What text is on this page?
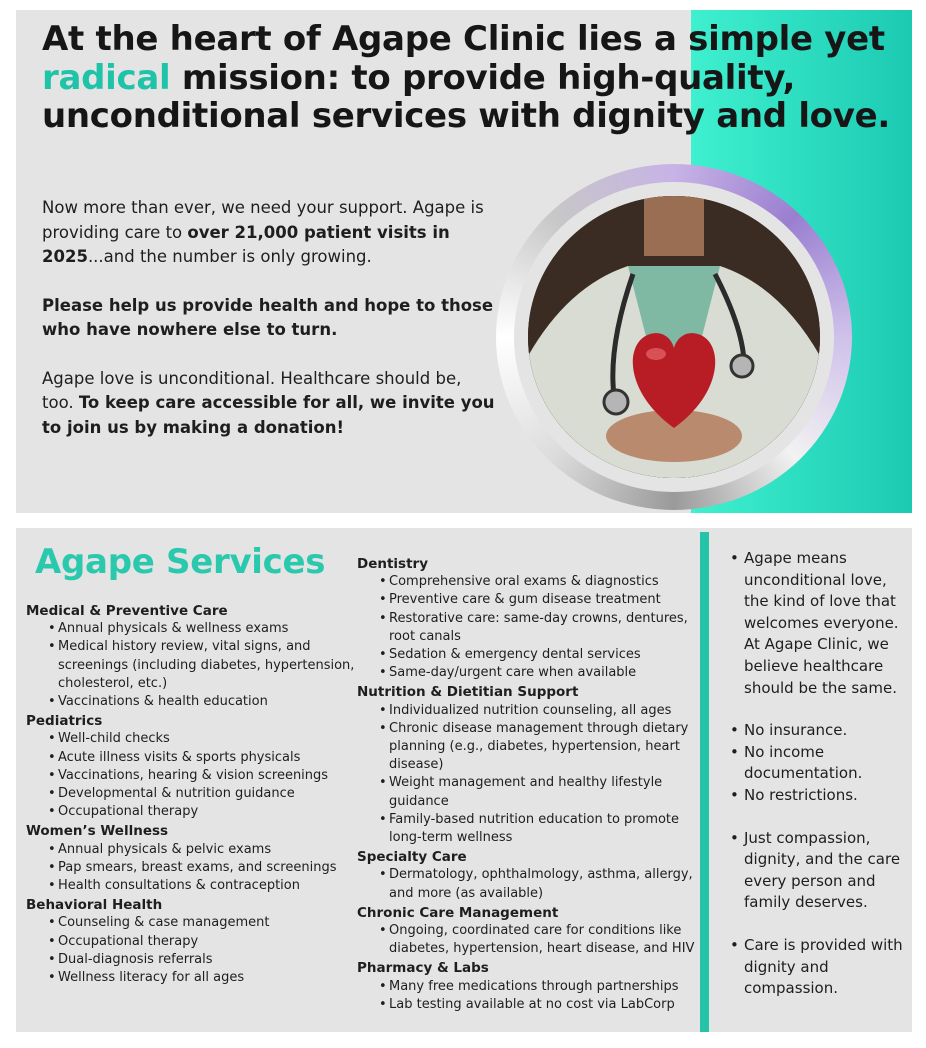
At the heart of Agape Clinic lies a simple yet radical mission: to provide high-quality, unconditional services with dignity and love.

Now more than ever, we need your support. Agape is providing care to over 21,000 patient visits in 2025...and the number is only growing.

Please help us provide health and hope to those who have nowhere else to turn.

Agape love is unconditional. Healthcare should be, too. To keep care accessible for all, we invite you to join us by making a donation!

Agape Services

Medical & Preventive Care

• Annual physicals & wellness exams
• Medical history review, vital signs, and screenings (including diabetes, hypertension, cholesterol, etc.)
• Vaccinations & health education

Pediatrics

• Well-child checks
• Acute illness visits & sports physicals
• Vaccinations, hearing & vision screenings
• Developmental & nutrition guidance
• Occupational therapy

Women’s Wellness

• Annual physicals & pelvic exams
• Pap smears, breast exams, and screenings
• Health consultations & contraception

Behavioral Health

• Counseling & case management
• Occupational therapy
• Dual-diagnosis referrals
• Wellness literacy for all ages

Dentistry

• Comprehensive oral exams & diagnostics
• Preventive care & gum disease treatment
• Restorative care: same-day crowns, dentures, root canals
• Sedation & emergency dental services
• Same-day/urgent care when available

Nutrition & Dietitian Support

• Individualized nutrition counseling, all ages
• Chronic disease management through dietary planning (e.g., diabetes, hypertension, heart disease)
• Weight management and healthy lifestyle guidance
• Family-based nutrition education to promote long-term wellness

Specialty Care

• Dermatology, ophthalmology, asthma, allergy, and more (as available)

Chronic Care Management

• Ongoing, coordinated care for conditions like diabetes, hypertension, heart disease, and HIV

Pharmacy & Labs

• Many free medications through partnerships
• Lab testing available at no cost via LabCorp
• Agape means unconditional love, the kind of love that welcomes everyone. At Agape Clinic, we believe healthcare should be the same.
• No insurance.
• No income documentation.
• No restrictions.
• Just compassion, dignity, and the care every person and family deserves.
• Care is provided with dignity and compassion.
